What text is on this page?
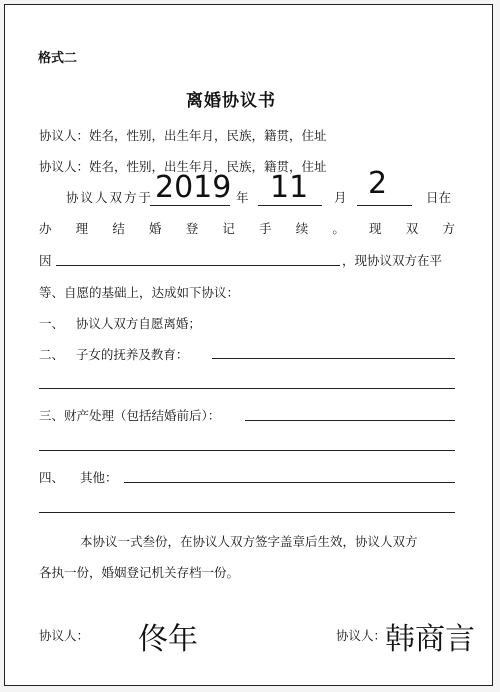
格式二
离婚协议书
协议人：姓名，性别，出生年月，民族，籍贯，住址
协议人：姓名，性别，出生年月，民族，籍贯，住址
协议人双方于 2019 年 11 月 2	日在
办 理 结 婚 登 记 手 续 。 现 双 方
因	，现协议双方在平
等、自愿的基础上，达成如下协议：
一、   协议人双方自愿离婚；
二、   子女的抚养及教育：
三、财产处理（包括结婚前后）：
四、 其他：
本协议一式叁份，在协议人双方签字盖章后生效，协议人双方
各执一份，婚姻登记机关存档一份。
协议人： 佟年	协议人：
韩商言
